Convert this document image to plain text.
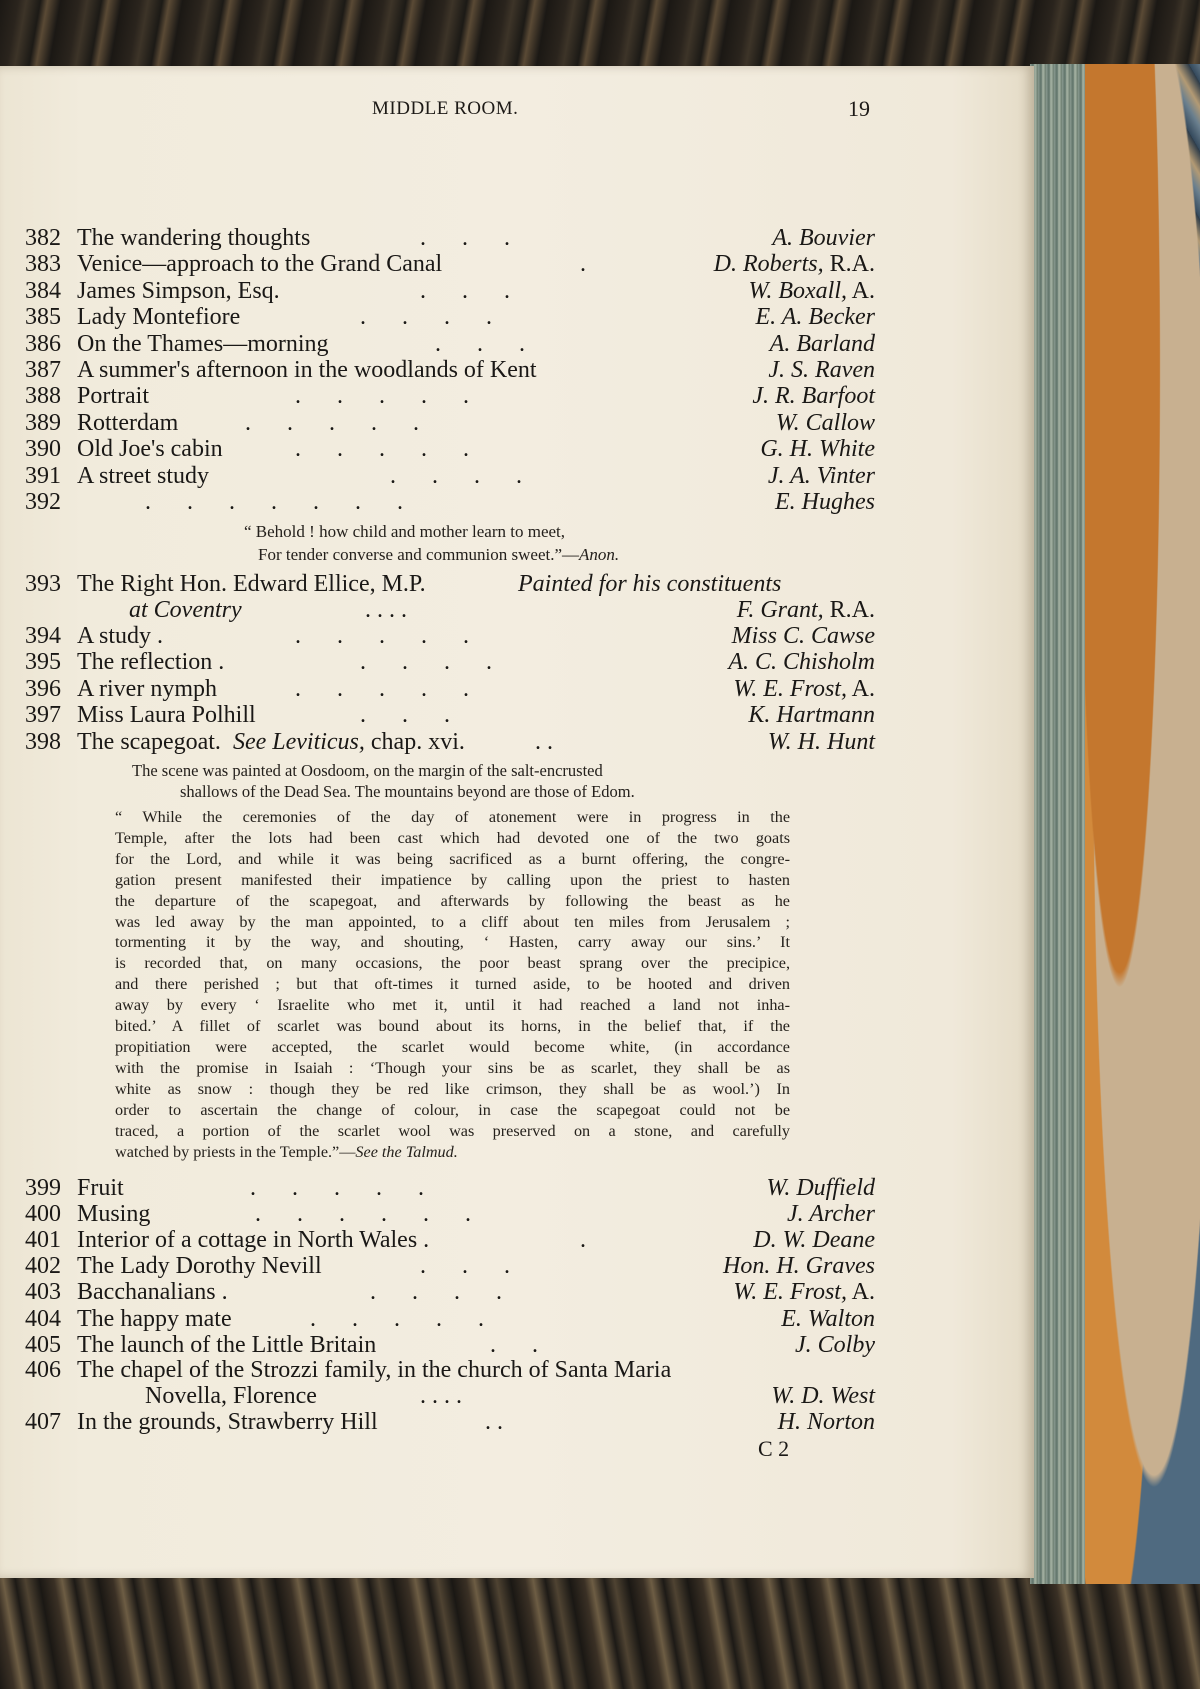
MIDDLE ROOM.	19
382 The wandering thoughts	.      .      .	A. Bouvier
383 Venice—approach to the Grand Canal	.	D. Roberts, R.A.
384 James Simpson, Esq.	.      .      .	W. Boxall, A.
385 Lady Montefiore	.      .      .      .	E. A. Becker
386 On the Thames—morning	.      .      .	A. Barland
387 A summer's afternoon in the woodlands of Kent	J. S. Raven
388 Portrait	.      .      .      .      .	J. R. Barfoot
389 Rotterdam	.      .      .      .      .	W. Callow
390 Old Joe's cabin	.      .      .      .      .	G. H. White
391 A street study	.      .      .      .	J. A. Vinter
392	.      .      .      .      .      .      .	E. Hughes
“ Behold ! how child and mother learn to meet,
For tender converse and communion sweet.”—Anon.
393 The Right Hon. Edward Ellice, M.P.	Painted for his constituents
at Coventry	. . . .	F. Grant, R.A.
394 A study .	.      .      .      .      .	Miss C. Cawse
395 The reflection .	.      .      .      .	A. C. Chisholm
396 A river nymph	.      .      .      .      .	W. E. Frost, A.
397 Miss Laura Polhill	.      .      .	K. Hartmann
398 The scapegoat. See Leviticus, chap. xvi.	. .	W. H. Hunt
The scene was painted at Oosdoom, on the margin of the salt-encrusted
shallows of the Dead Sea. The mountains beyond are those of Edom.
“ While the ceremonies of the day of atonement were in progress in the
Temple, after the lots had been cast which had devoted one of the two goats
for the Lord, and while it was being sacrificed as a burnt offering, the congre-
gation present manifested their impatience by calling upon the priest to hasten
the departure of the scapegoat, and afterwards by following the beast as he
was led away by the man appointed, to a cliff about ten miles from Jerusalem ;
tormenting it by the way, and shouting, ‘ Hasten, carry away our sins.’ It
is recorded that, on many occasions, the poor beast sprang over the precipice,
and there perished ; but that oft-times it turned aside, to be hooted and driven
away by every ‘ Israelite who met it, until it had reached a land not inha-
bited.’ A fillet of scarlet was bound about its horns, in the belief that, if the
propitiation were accepted, the scarlet would become white, (in accordance
with the promise in Isaiah : ‘Though your sins be as scarlet, they shall be as
white as snow : though they be red like crimson, they shall be as wool.’) In
order to ascertain the change of colour, in case the scapegoat could not be
traced, a portion of the scarlet wool was preserved on a stone, and carefully
watched by priests in the Temple.”—See the Talmud.
399 Fruit	.      .      .      .      .	W. Duffield
400 Musing	.      .      .      .      .      .	J. Archer
401 Interior of a cottage in North Wales .	.	D. W. Deane
402 The Lady Dorothy Nevill	.      .      .	Hon. H. Graves
403 Bacchanalians .	.      .      .      .	W. E. Frost, A.
404 The happy mate	.      .      .      .      .	E. Walton
405 The launch of the Little Britain	.      .	J. Colby
406 The chapel of the Strozzi family, in the church of Santa Maria
Novella, Florence	. . . .	W. D. West
407 In the grounds, Strawberry Hill	. .	H. Norton
C 2
